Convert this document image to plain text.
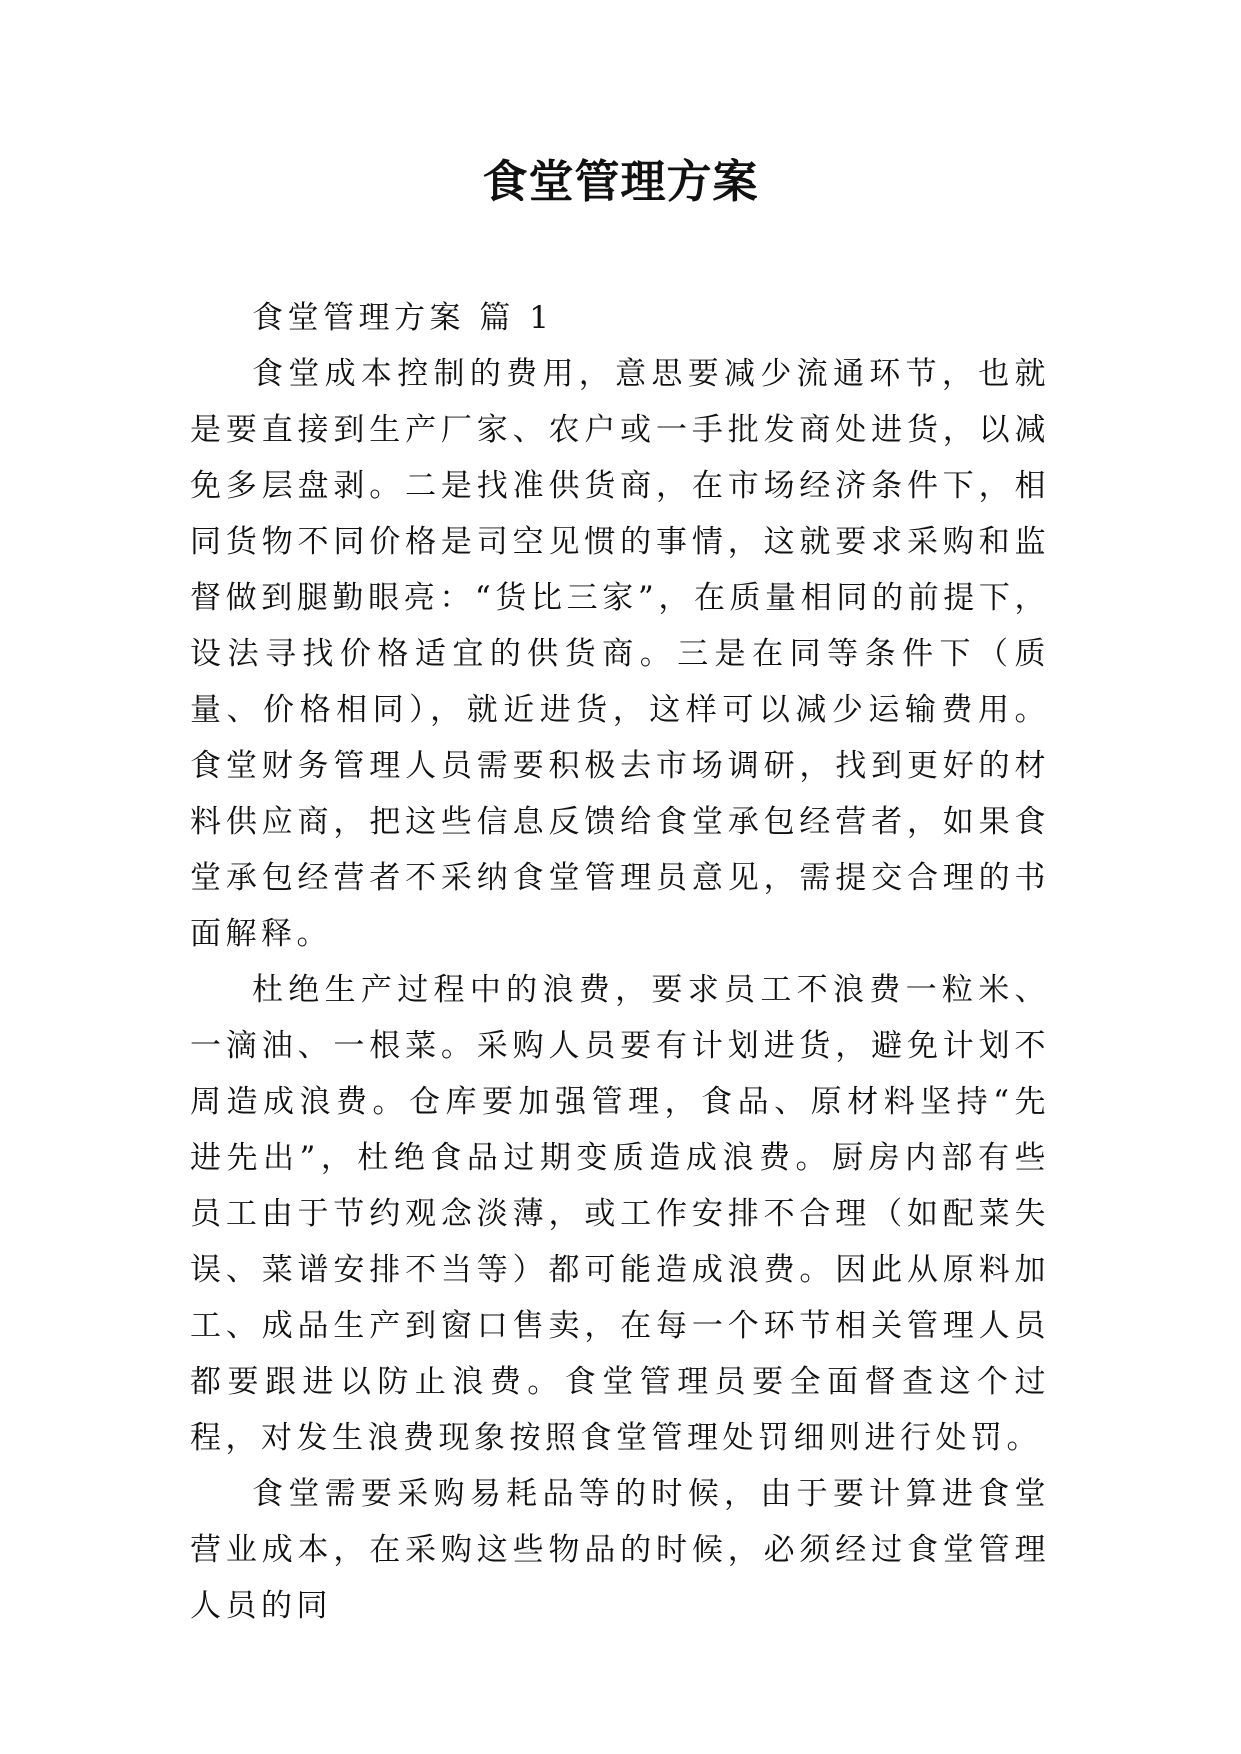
食堂管理方案

食堂管理方案 篇 1

食堂成本控制的费用，意思要减少流通环节，也就是要直接到生产厂家、农户或一手批发商处进货，以减免多层盘剥。二是找准供货商，在市场经济条件下，相同货物不同价格是司空见惯的事情，这就要求采购和监督做到腿勤眼亮：“货比三家”，在质量相同的前提下，设法寻找价格适宜的供货商。三是在同等条件下（质量、价格相同），就近进货，这样可以减少运输费用。食堂财务管理人员需要积极去市场调研，找到更好的材料供应商，把这些信息反馈给食堂承包经营者，如果食堂承包经营者不采纳食堂管理员意见，需提交合理的书面解释。

杜绝生产过程中的浪费，要求员工不浪费一粒米、一滴油、一根菜。采购人员要有计划进货，避免计划不周造成浪费。仓库要加强管理，食品、原材料坚持“先进先出”，杜绝食品过期变质造成浪费。厨房内部有些员工由于节约观念淡薄，或工作安排不合理（如配菜失误、菜谱安排不当等）都可能造成浪费。因此从原料加工、成品生产到窗口售卖，在每一个环节相关管理人员都要跟进以防止浪费。食堂管理员要全面督查这个过程，对发生浪费现象按照食堂管理处罚细则进行处罚。

食堂需要采购易耗品等的时候，由于要计算进食堂营业成本，在采购这些物品的时候，必须经过食堂管理人员的同
